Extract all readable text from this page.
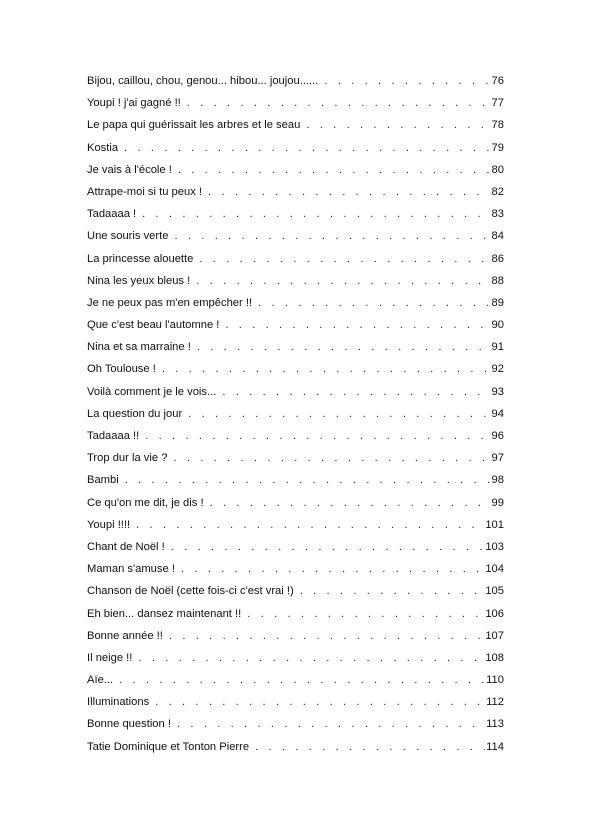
Bijou, caillou, chou, genou... hibou... joujou...... . . .	76
Youpi ! j'ai gagné !! . . .	77
Le papa qui guérissait les arbres et le seau . . .	78
Kostia . . .	79
Je vais à l'école ! . . .	80
Attrape-moi si tu peux ! . . .	82
Tadaaaa ! . . .	83
Une souris verte . . .	84
La princesse alouette . . .	86
Nina les yeux bleus ! . . .	88
Je ne peux pas m'en empêcher !! . . .	89
Que c'est beau l'automne ! . . .	90
Nina et sa marraine ! . . .	91
Oh Toulouse ! . . .	92
Voilà comment je le vois... . . .	93
La question du jour . . .	94
Tadaaaa !! . . .	96
Trop dur la vie ? . . .	97
Bambi . . .	98
Ce qu'on me dit, je dis ! . . .	99
Youpi !!!! . . .	101
Chant de Noël ! . . .	103
Maman s'amuse ! . . .	104
Chanson de Noël (cette fois-ci c'est vrai !) . . .	105
Eh bien... dansez maintenant !! . . .	106
Bonne année !! . . .	107
Il neige !! . . .	108
Aïe... . . .	110
Illuminations . . .	112
Bonne question ! . . .	113
Tatie Dominique et Tonton Pierre . . .	114
